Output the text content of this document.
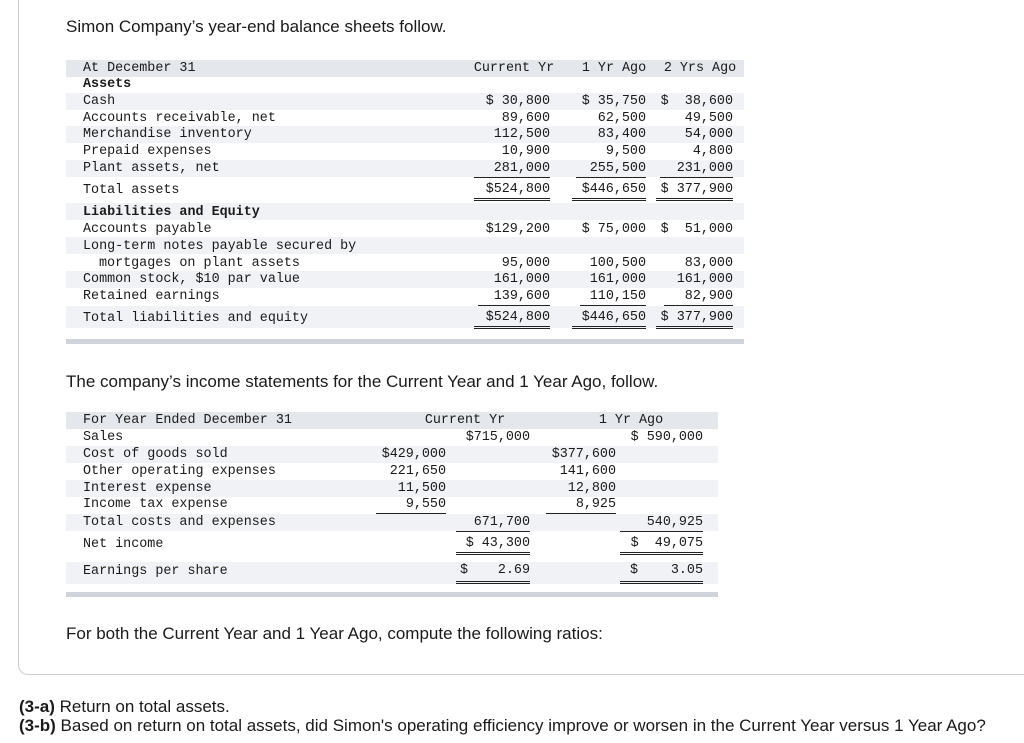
Simon Company’s year-end balance sheets follow.
At December 31	Current Yr	1 Yr Ago	2 Yrs Ago
Assets
Cash	$ 30,800	$ 35,750	$  38,600
Accounts receivable, net	89,600	62,500	49,500
Merchandise inventory	112,500	83,400	54,000
Prepaid expenses	10,900	9,500	4,800
Plant assets, net	281,000	255,500	231,000
Total assets	$524,800	$446,650	$ 377,900
Liabilities and Equity
Accounts payable	$129,200	$ 75,000	$  51,000
Long-term notes payable secured by
mortgages on plant assets	95,000	100,500	83,000
Common stock, $10 par value	161,000	161,000	161,000
Retained earnings	139,600	110,150	82,900
Total liabilities and equity	$524,800	$446,650	$ 377,900
The company’s income statements for the Current Year and 1 Year Ago, follow.
For Year Ended December 31	Current Yr	1 Yr Ago
Sales	$715,000	$ 590,000
Cost of goods sold	$429,000	$377,600
Other operating expenses	221,650	141,600
Interest expense	11,500	12,800
Income tax expense	9,550	8,925
Total costs and expenses	671,700	540,925
Net income	$ 43,300	$  49,075
Earnings per share	$ 2.69	$ 3.05
For both the Current Year and 1 Year Ago, compute the following ratios:
(3-a) Return on total assets.
(3-b) Based on return on total assets, did Simon's operating efficiency improve or worsen in the Current Year versus 1 Year Ago?
